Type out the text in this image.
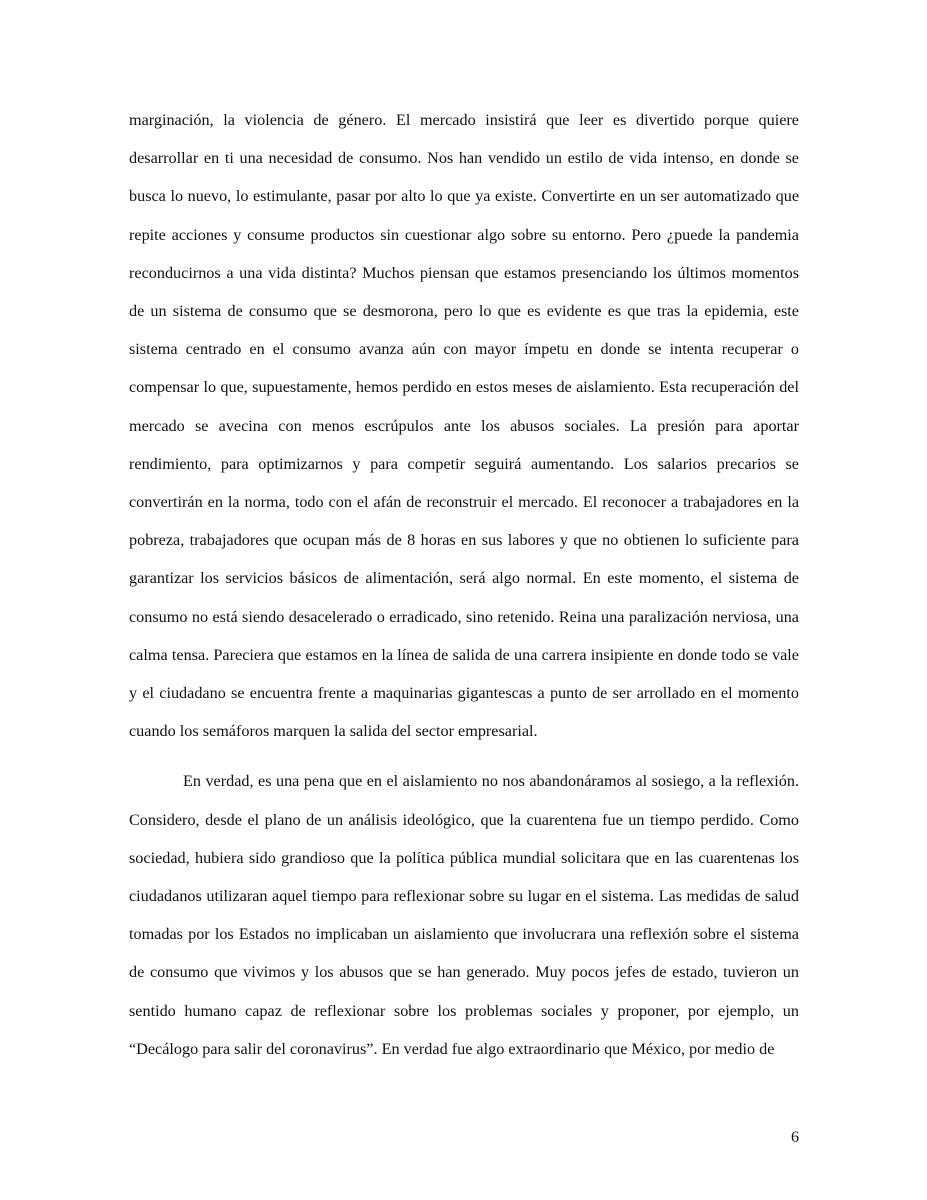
marginación, la violencia de género. El mercado insistirá que leer es divertido porque quiere desarrollar en ti una necesidad de consumo. Nos han vendido un estilo de vida intenso, en donde se busca lo nuevo, lo estimulante, pasar por alto lo que ya existe. Convertirte en un ser automatizado que repite acciones y consume productos sin cuestionar algo sobre su entorno. Pero ¿puede la pandemia reconducirnos a una vida distinta? Muchos piensan que estamos presenciando los últimos momentos de un sistema de consumo que se desmorona, pero lo que es evidente es que tras la epidemia, este sistema centrado en el consumo avanza aún con mayor ímpetu en donde se intenta recuperar o compensar lo que, supuestamente, hemos perdido en estos meses de aislamiento. Esta recuperación del mercado se avecina con menos escrúpulos ante los abusos sociales. La presión para aportar rendimiento, para optimizarnos y para competir seguirá aumentando. Los salarios precarios se convertirán en la norma, todo con el afán de reconstruir el mercado. El reconocer a trabajadores en la pobreza, trabajadores que ocupan más de 8 horas en sus labores y que no obtienen lo suficiente para garantizar los servicios básicos de alimentación, será algo normal. En este momento, el sistema de consumo no está siendo desacelerado o erradicado, sino retenido. Reina una paralización nerviosa, una calma tensa. Pareciera que estamos en la línea de salida de una carrera insipiente en donde todo se vale y el ciudadano se encuentra frente a maquinarias gigantescas a punto de ser arrollado en el momento cuando los semáforos marquen la salida del sector empresarial.

En verdad, es una pena que en el aislamiento no nos abandonáramos al sosiego, a la reflexión. Considero, desde el plano de un análisis ideológico, que la cuarentena fue un tiempo perdido. Como sociedad, hubiera sido grandioso que la política pública mundial solicitara que en las cuarentenas los ciudadanos utilizaran aquel tiempo para reflexionar sobre su lugar en el sistema. Las medidas de salud tomadas por los Estados no implicaban un aislamiento que involucrara una reflexión sobre el sistema de consumo que vivimos y los abusos que se han generado. Muy pocos jefes de estado, tuvieron un sentido humano capaz de reflexionar sobre los problemas sociales y proponer, por ejemplo, un “Decálogo para salir del coronavirus”. En verdad fue algo extraordinario que México, por medio de

6
